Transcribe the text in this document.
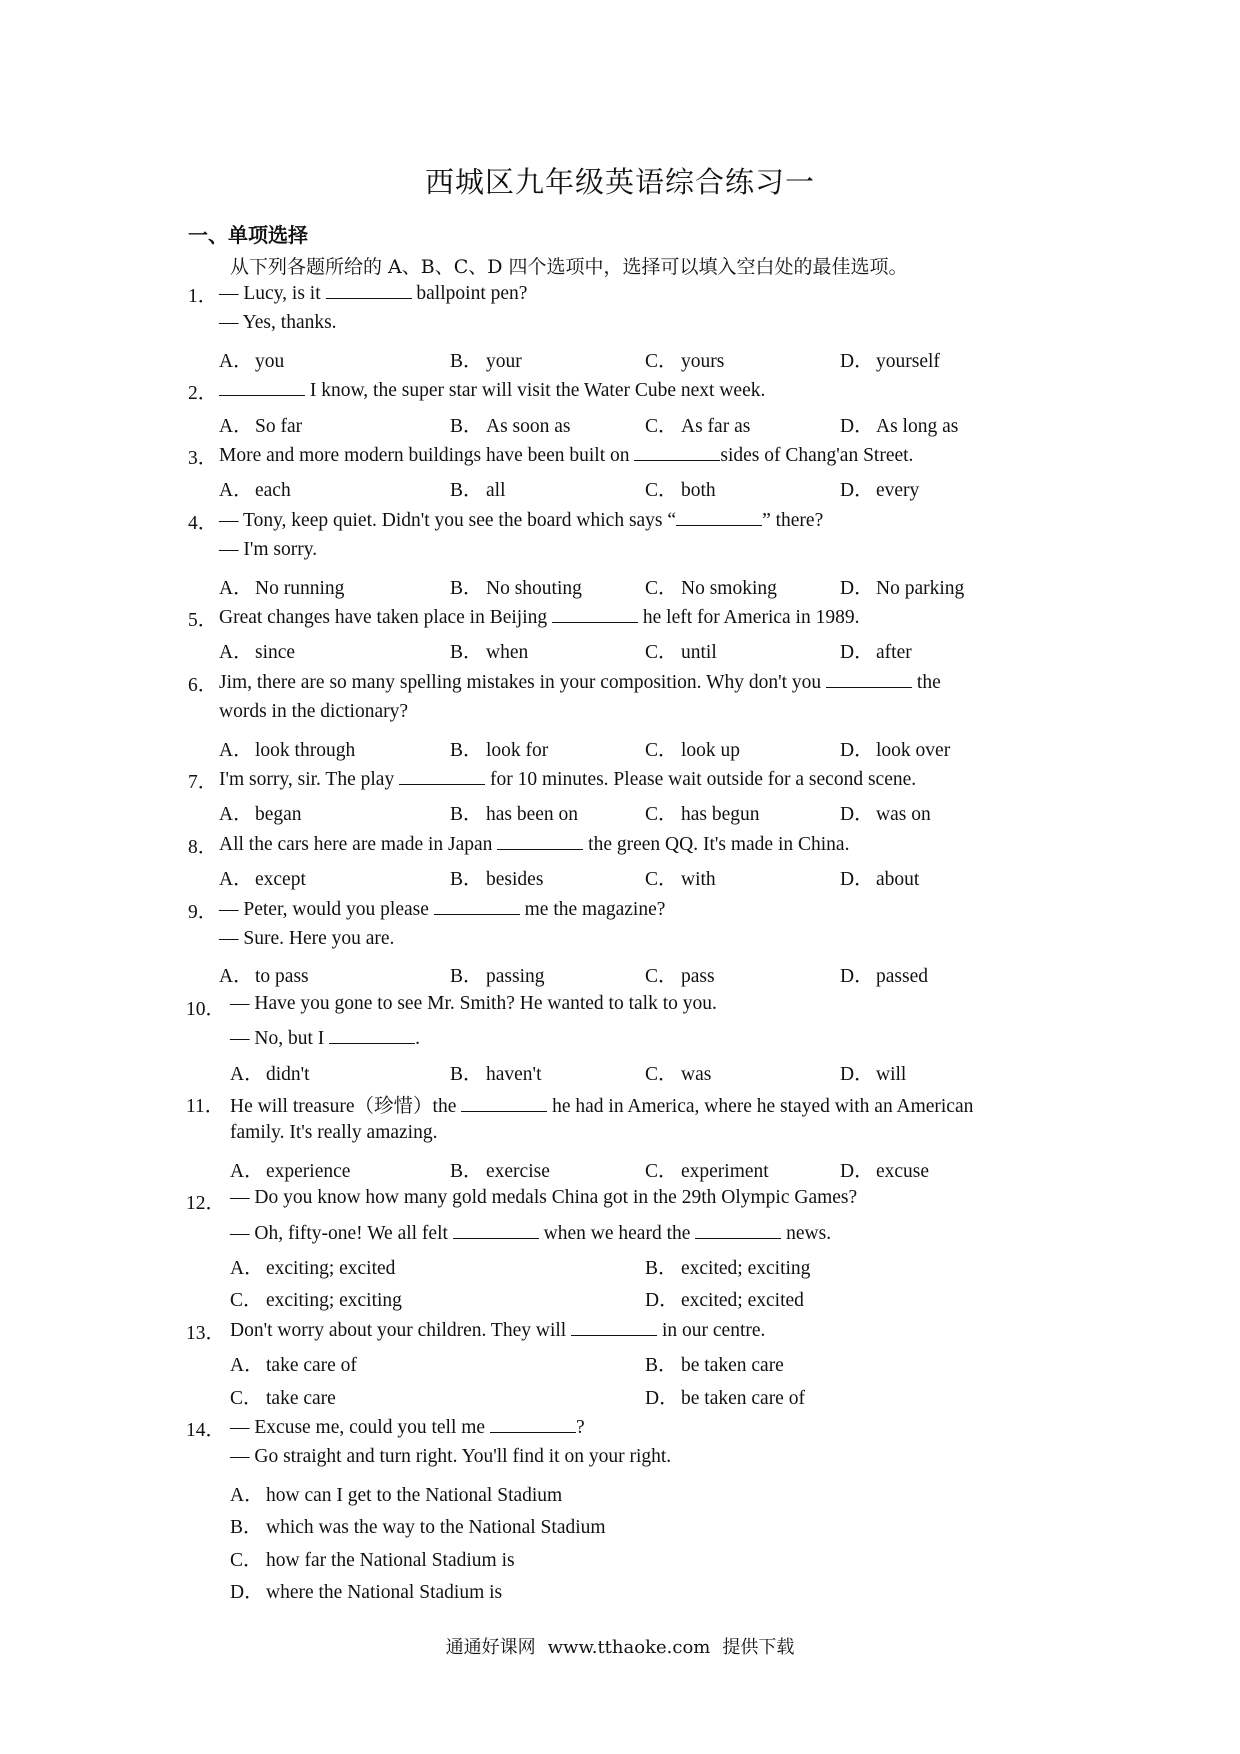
西城区九年级英语综合练习一
一、单项选择
从下列各题所给的 A、B、C、D 四个选项中，选择可以填入空白处的最佳选项。
1． — Lucy, is it	ballpoint pen?
— Yes, thanks.
A． you	B． your	C． yours	D． yourself
2．	I know, the super star will visit the Water Cube next week.
A． So far	B． As soon as	C． As far as	D． As long as
3． More and more modern buildings have been built on	sides of Chang'an Street.
A． each	B． all	C． both	D． every
4． — Tony, keep quiet. Didn't you see the board which says “	” there?
— I'm sorry.
A． No running	B． No shouting	C． No smoking	D． No parking
5． Great changes have taken place in Beijing	he left for America in 1989.
A． since	B． when	C． until	D． after
6． Jim, there are so many spelling mistakes in your composition. Why don't you	the
words in the dictionary?
A． look through	B． look for	C． look up	D． look over
7． I'm sorry, sir. The play	for 10 minutes. Please wait outside for a second scene.
A． began	B． has been on	C． has begun	D． was on
8． All the cars here are made in Japan	the green QQ. It's made in China.
A． except	B． besides	C． with	D． about
9． — Peter, would you please	me the magazine?
— Sure. Here you are.
A． to pass	B． passing	C． pass	D． passed
10． — Have you gone to see Mr. Smith? He wanted to talk to you.
— No, but I	.
A． didn't	B． haven't	C． was	D． will
11． He will treasure（珍惜）the	he had in America, where he stayed with an American
family. It's really amazing.
A． experience	B． exercise	C． experiment	D． excuse
12． — Do you know how many gold medals China got in the 29th Olympic Games?
— Oh, fifty-one! We all felt	when we heard the	news.
A． exciting; excited	B． excited; exciting
C． exciting; exciting	D． excited; excited
13． Don't worry about your children. They will	in our centre.
A． take care of	B． be taken care
C． take care	D． be taken care of
14． — Excuse me, could you tell me	?
— Go straight and turn right. You'll find it on your right.
A． how can I get to the National Stadium
B． which was the way to the National Stadium
C． how far the National Stadium is
D． where the National Stadium is
通通好课网 www.tthaoke.com 提供下载
